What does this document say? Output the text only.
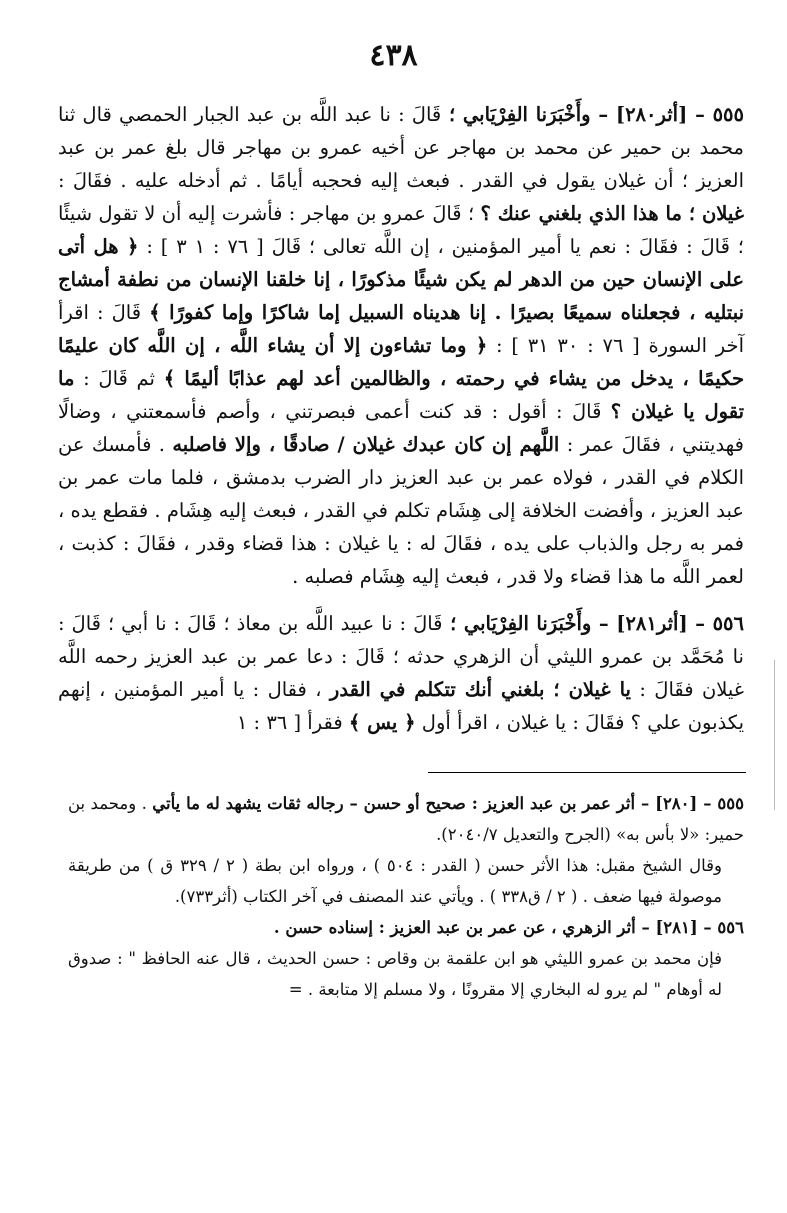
٤٣٨

٥٥٥ – [أثر٢٨٠] – وأَخْبَرَنا الفِرْيَابي ؛ قَالَ : نا عبد اللَّه بن عبد الجبار الحمصي قال ثنا محمد بن حمير عن محمد بن مهاجر عن أخيه عمرو بن مهاجر قال بلغ عمر بن عبد العزيز ؛ أن غيلان يقول في القدر . فبعث إليه فحجبه أيامًا . ثم أدخله عليه . فقَالَ : غيلان ؛ ما هذا الذي بلغني عنك ؟ ؛ قَالَ عمرو بن مهاجر : فأشرت إليه أن لا تقول شيئًا ؛ قَالَ : فقَالَ : نعم يا أمير المؤمنين ، إن اللَّه تعالى ؛ قَالَ [ ٧٦ : ١ ٣ ] : ﴿ هل أتى على الإنسان حين من الدهر لم يكن شيئًا مذكورًا ، إنا خلقنا الإنسان من نطفة أمشاج نبتليه ، فجعلناه سميعًا بصيرًا . إنا هديناه السبيل إما شاكرًا وإما كفورًا ﴾ قَالَ : اقرأ آخر السورة [ ٧٦ : ٣٠ ٣١ ] : ﴿ وما تشاءون إلا أن يشاء اللَّه ، إن اللَّه كان عليمًا حكيمًا ، يدخل من يشاء في رحمته ، والظالمين أعد لهم عذابًا أليمًا ﴾ ثم قَالَ : ما تقول يا غيلان ؟ قَالَ : أقول : قد كنت أعمى فبصرتني ، وأصم فأسمعتني ، وضالًا فهديتني ، فقَالَ عمر : اللَّهم إن كان عبدك غيلان / صادقًا ، وإلا فاصلبه . فأمسك عن الكلام في القدر ، فولاه عمر بن عبد العزيز دار الضرب بدمشق ، فلما مات عمر بن عبد العزيز ، وأفضت الخلافة إلى هِشَام تكلم في القدر ، فبعث إليه هِشَام . فقطع يده ، فمر به رجل والذباب على يده ، فقَالَ له : يا غيلان : هذا قضاء وقدر ، فقَالَ : كذبت ، لعمر اللَّه ما هذا قضاء ولا قدر ، فبعث إليه هِشَام فصلبه .

٥٥٦ – [أثر٢٨١] – وأَخْبَرَنا الفِرْيَابي ؛ قَالَ : نا عبيد اللَّه بن معاذ ؛ قَالَ : نا أبي ؛ قَالَ : نا مُحَمَّد بن عمرو الليثي أن الزهري حدثه ؛ قَالَ : دعا عمر بن عبد العزيز رحمه اللَّه غيلان فقَالَ : يا غيلان ؛ بلغني أنك تتكلم في القدر ، فقال : يا أمير المؤمنين ، إنهم يكذبون علي ؟ فقَالَ : يا غيلان ، اقرأ أول ﴿ يس ﴾ فقرأ [ ٣٦ : ١

٥٥٥ – [٢٨٠] – أثر عمر بن عبد العزيز : صحيح أو حسن – رجاله ثقات يشهد له ما يأتي . ومحمد بن حمير: «لا بأس به» (الجرح والتعديل ٢٠٤٠/٧).

وقال الشيخ مقبل: هذا الأثر حسن ( القدر : ٥٠٤ ) ، ورواه ابن بطة ( ٢ / ٣٢٩ ق ) من طريقة موصولة فيها ضعف . ( ٢ / ق٣٣٨ ) . ويأتي عند المصنف في آخر الكتاب (أثر٧٣٣).

٥٥٦ – [٢٨١] – أثر الزهري ، عن عمر بن عبد العزيز : إسناده حسن .

فإن محمد بن عمرو الليثي هو ابن علقمة بن وقاص : حسن الحديث ، قال عنه الحافظ " : صدوق له أوهام " لم يرو له البخاري إلا مقرونًا ، ولا مسلم إلا متابعة . =
